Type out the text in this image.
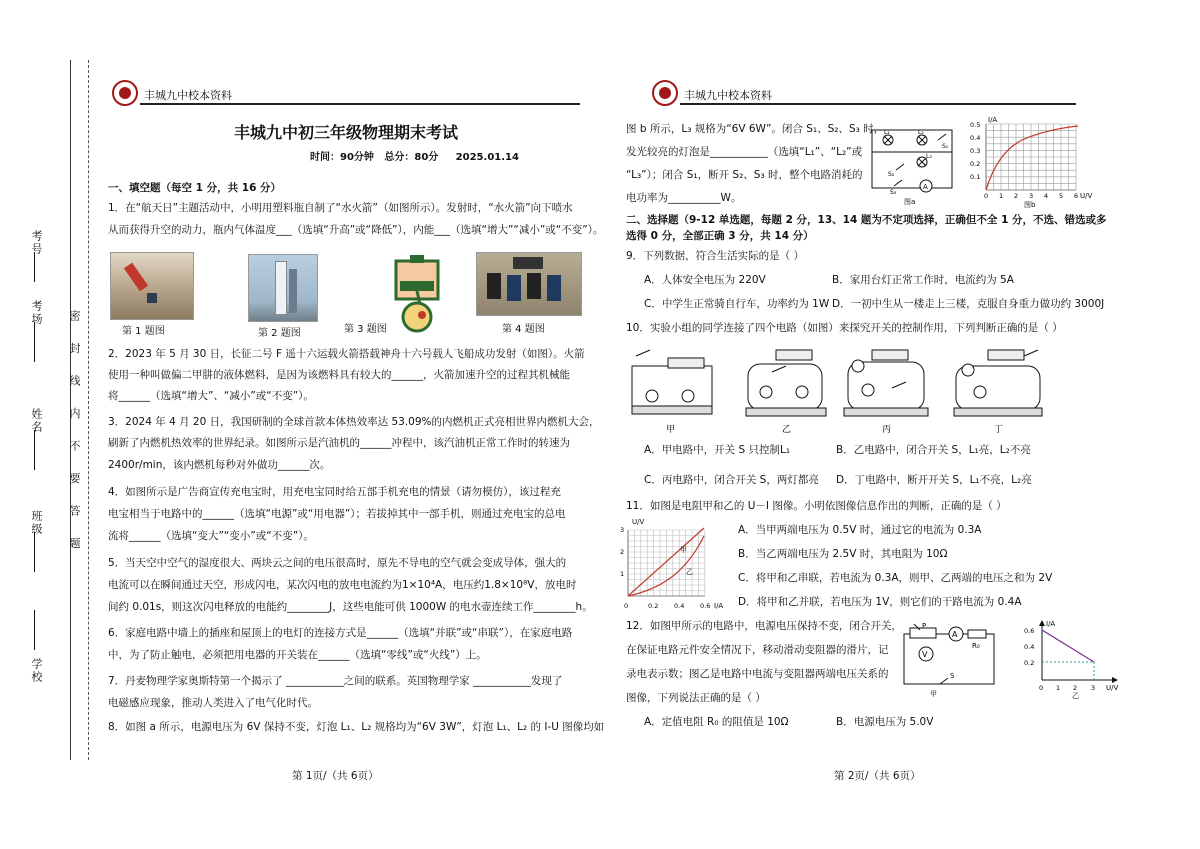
考号
考场
姓名
班级
学校
密 封 线 内 不 要 答 题
丰城九中校本资料
丰城九中初三年级物理期末考试
时间：90分钟   总分：80分     2025.01.14
一、填空题（每空 1 分，共 16 分）
1．在“航天日”主题活动中，小明用塑料瓶自制了“水火箭”（如图所示）。发射时，“水火箭”向下喷水
从而获得升空的动力，瓶内气体温度___（选填“升高”或“降低”），内能___（选填“增大”“减小”或“不变”）。
第 1 题图	第 2 题图	第 3 题图	第 4 题图
2．2023 年 5 月 30 日，长征二号 F 遥十六运载火箭搭载神舟十六号载人飞船成功发射（如图）。火箭
使用一种叫做偏二甲肼的液体燃料，是因为该燃料具有较大的______，火箭加速升空的过程其机械能
将______（选填“增大”、“减小”或“不变”）。
3．2024 年 4 月 20 日，我国研制的全球首款本体热效率达 53.09%的内燃机正式亮相世界内燃机大会，
刷新了内燃机热效率的世界纪录。如图所示是汽油机的______冲程中，该汽油机正常工作时的转速为
2400r/min，该内燃机每秒对外做功______次。
4．如图所示是广告商宣传充电宝时，用充电宝同时给五部手机充电的情景（请勿模仿），该过程充
电宝相当于电路中的______（选填“电源”或“用电器”）；若拔掉其中一部手机，则通过充电宝的总电
流将______（选填“变大”“变小”或“不变”）。
5．当天空中空气的湿度很大、两块云之间的电压很高时，原先不导电的空气就会变成导体，强大的
电流可以在瞬间通过天空，形成闪电，某次闪电的放电电流约为1×10⁴A，电压约1.8×10⁸V，放电时
间约 0.01s，则这次闪电释放的电能约________J，这些电能可供 1000W 的电水壶连续工作________h。
6．家庭电路中墙上的插座和屋顶上的电灯的连接方式是______（选填“并联”或“串联”），在家庭电路
中，为了防止触电，必须把用电器的开关装在______（选填“零线”或“火线”）上。
7．丹麦物理学家奥斯特第一个揭示了 ___________之间的联系。英国物理学家 ___________发现了
电磁感应现象，推动人类进入了电气化时代。
8．如图 a 所示，电源电压为 6V 保持不变，灯泡 L₁、L₂ 规格均为“6V 3W”，灯泡 L₁、L₂ 的 I-U 图像均如
第 1页/（共 6页）
丰城九中校本资料
图 b 所示，L₃ 规格为“6V 6W”。闭合 S₁、S₂、S₃ 时，
发光较亮的灯泡是___________（选填“L₁”、“L₂”或
“L₃”）；闭合 S₁，断开 S₂、S₃ 时，整个电路消耗的
电功率为__________W。
A
L₁	L₂
L₃
S₁
S₂
S₃
图a
I/A
U/V
0 1 2 3 4 5 6
0.1
0.2
0.3
0.4
0.5
图b
二、选择题（9-12 单选题，每题 2 分，13、14 题为不定项选择，正确但不全 1 分，不选、错选或多
选得 0 分，全部正确 3 分，共 14 分）
9．下列数据，符合生活实际的是（ ）
A．人体安全电压为 220V	B．家用台灯正常工作时，电流约为 5A
C．中学生正常骑自行车，功率约为 1W D．一初中生从一楼走上三楼，克服自身重力做功约 3000J
10．实验小组的同学连接了四个电路（如图）来探究开关的控制作用，下列判断正确的是（ ）
甲	乙	丙	丁
A．甲电路中，开关 S 只控制L₁	B．乙电路中，闭合开关 S，L₁亮，L₂不亮
C．丙电路中，闭合开关 S，两灯都亮 D．丁电路中，断开开关 S，L₁不亮，L₂亮
11．如图是电阻甲和乙的 U－I 图像。小明依图像信息作出的判断，正确的是（ ）
U/V
I/A
甲
乙
0	0.2 0.4 0.6
1
2
3	A．当甲两端电压为 0.5V 时，通过它的电流为 0.3A
B．当乙两端电压为 2.5V 时，其电阻为 10Ω
C．将甲和乙串联，若电流为 0.3A，则甲、乙两端的电压之和为 2V
D．将甲和乙并联，若电压为 1V，则它们的干路电流为 0.4A
12．如图甲所示的电路中，电源电压保持不变，闭合开关，
在保证电路元件安全情况下，移动滑动变阻器的滑片，记
录电表示数；图乙是电路中电流与变阻器两端电压关系的
图像，下列说法正确的是（ ）
P
A
R₀
V
S
甲
I/A
U/V
0.6
0.4
0.2
0 1 2 3
乙
A．定值电阻 R₀ 的阻值是 10Ω	B．电源电压为 5.0V
第 2页/（共 6页）
